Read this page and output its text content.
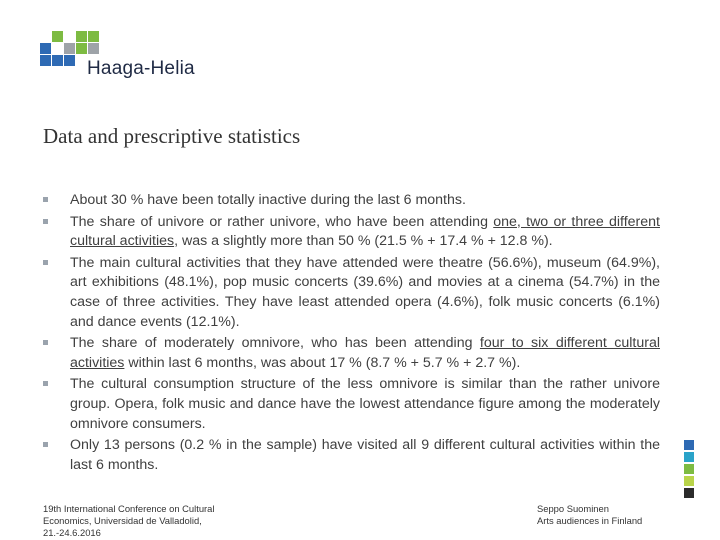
Haaga-Helia
Data and prescriptive statistics
About 30 % have been totally inactive during the last 6 months.
The share of univore or rather univore, who have been attending one, two or three different cultural activities, was a slightly more than 50 % (21.5 % + 17.4 % + 12.8 %).
The main cultural activities that they have attended were theatre (56.6%), museum (64.9%), art exhibitions (48.1%), pop music concerts (39.6%) and movies at a cinema (54.7%) in the case of three activities. They have least attended opera (4.6%), folk music concerts (6.1%) and dance events (12.1%).
The share of moderately omnivore, who has been attending four to six different cultural activities within last 6 months, was about 17 % (8.7 % + 5.7 % + 2.7 %).
The cultural consumption structure of the less omnivore is similar than the rather univore group. Opera, folk music and dance have the lowest attendance figure among the moderately omnivore consumers.
Only 13 persons (0.2 % in the sample) have visited all 9 different cultural activities within the last 6 months.
19th International Conference on Cultural Economics, Universidad de Valladolid, 21.-24.6.2016
Seppo Suominen
Arts audiences in Finland
